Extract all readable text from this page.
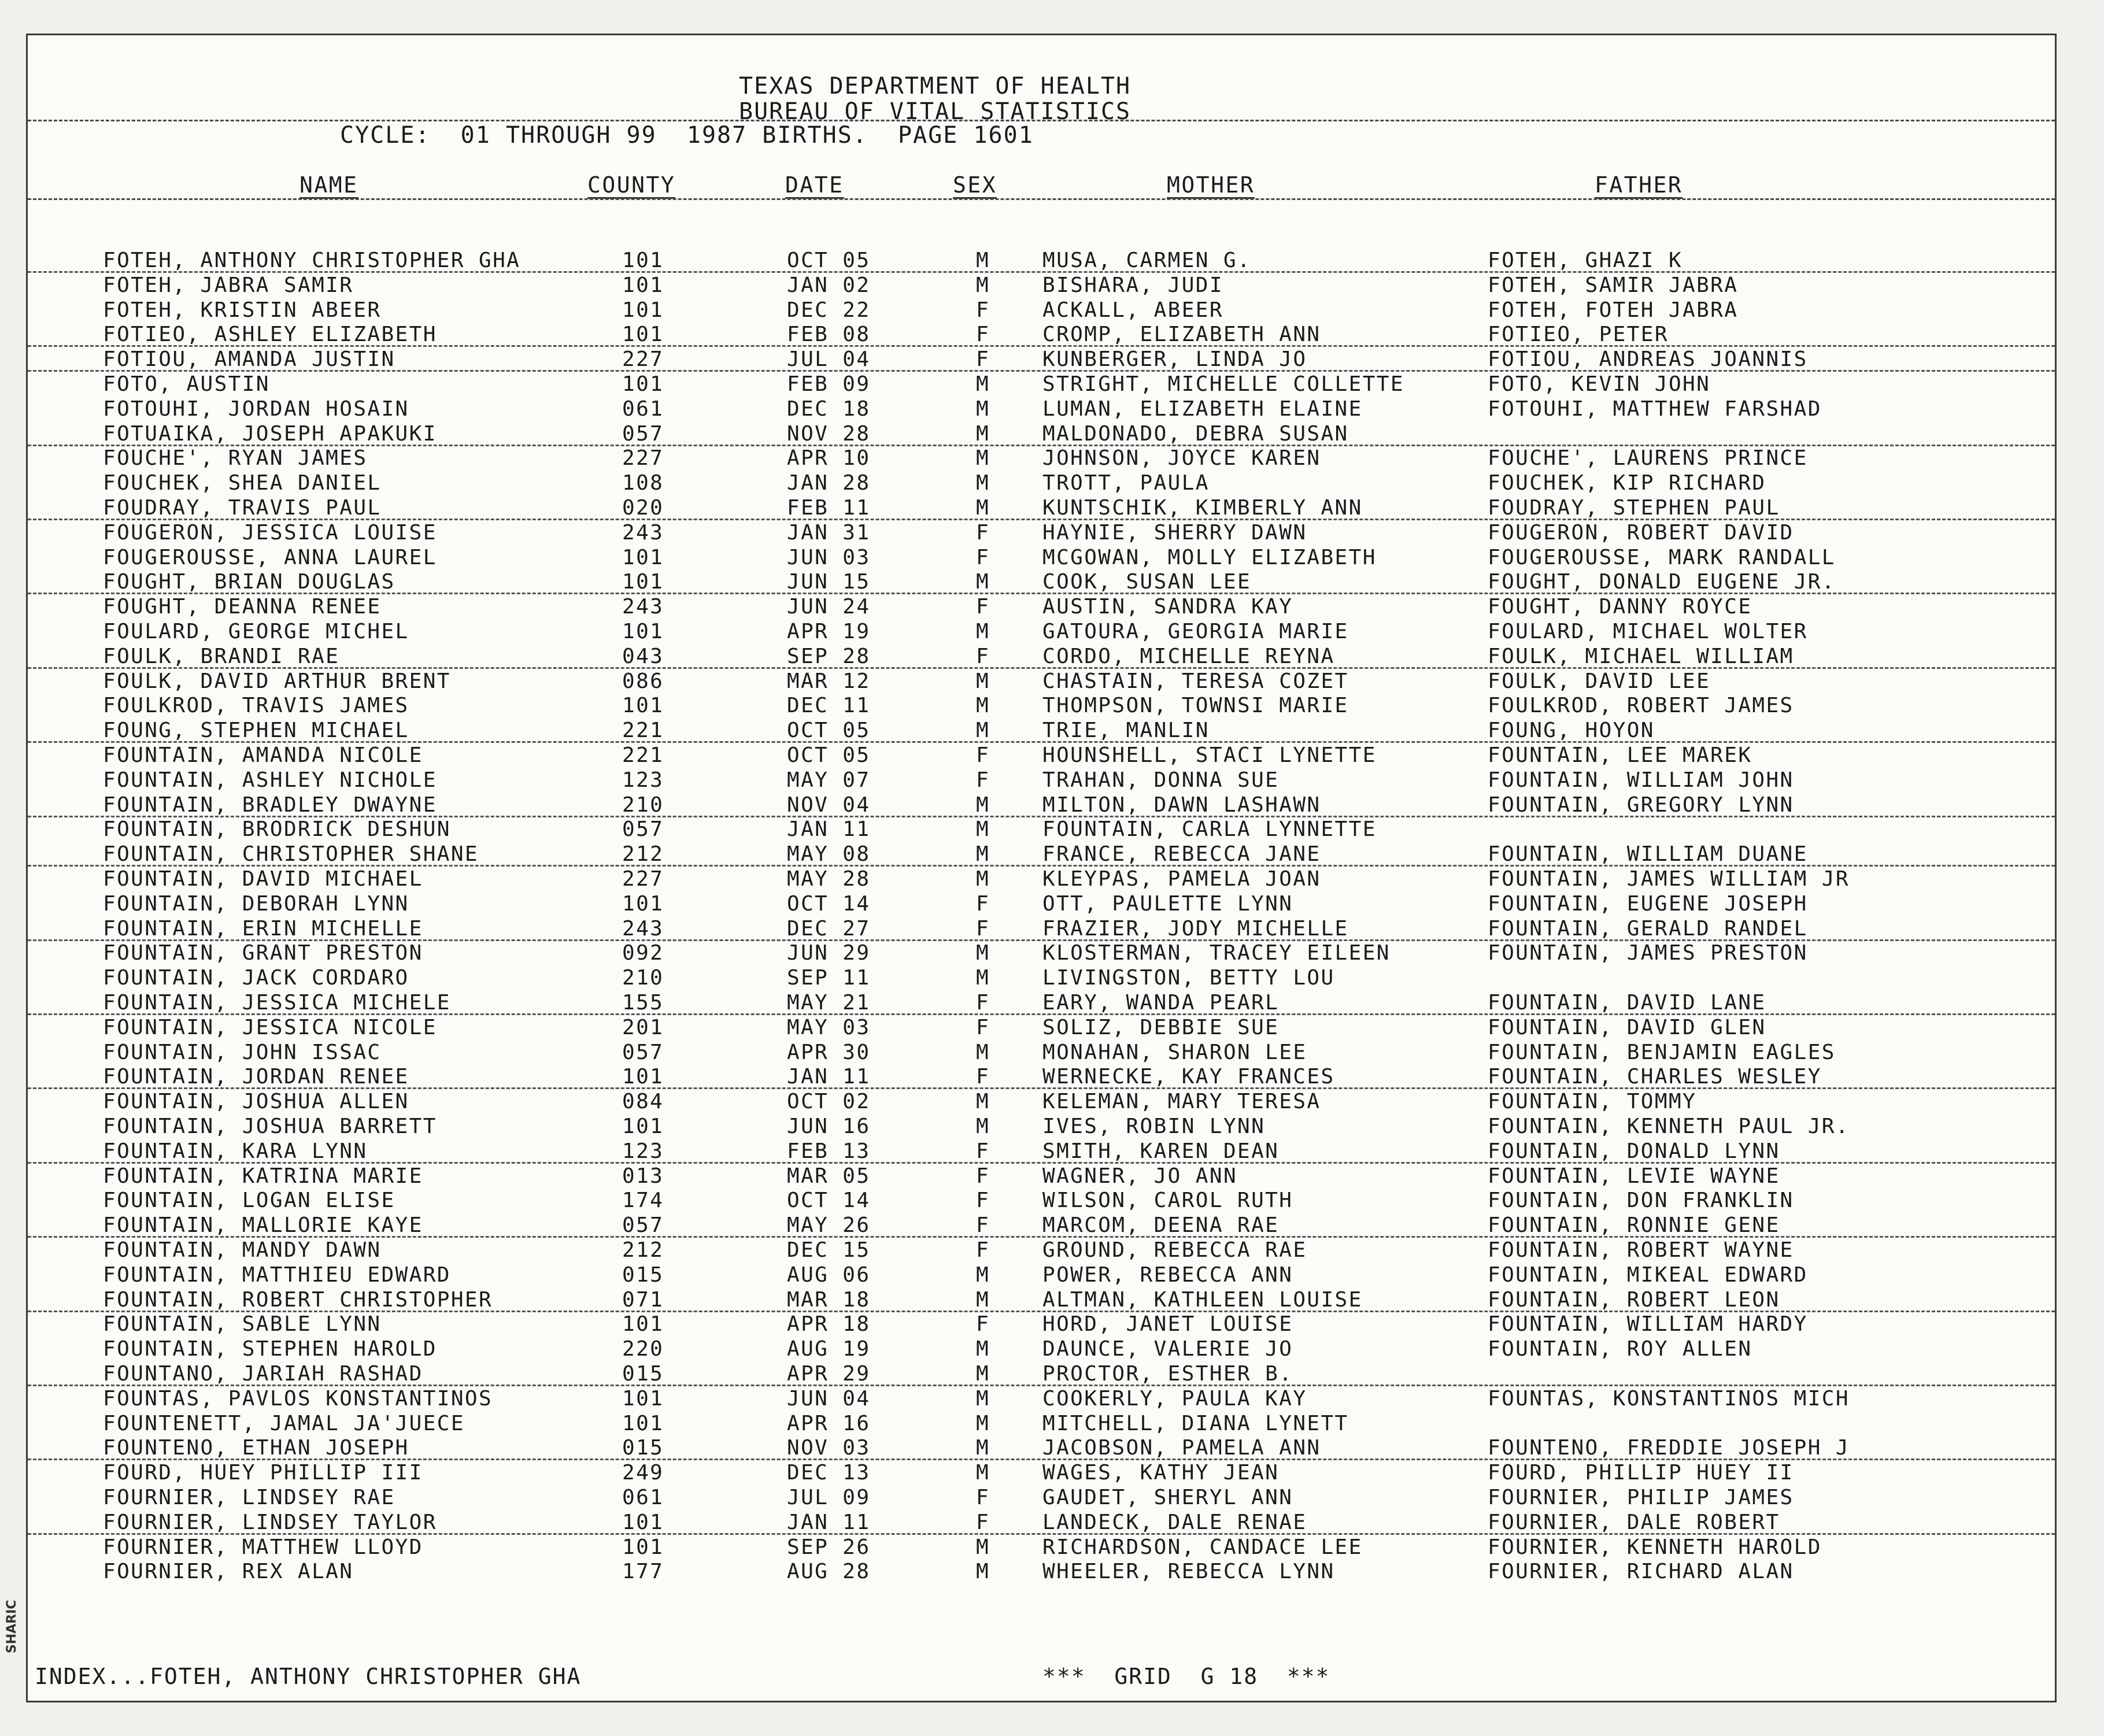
SHARIC
TEXAS DEPARTMENT OF HEALTH
BUREAU OF VITAL STATISTICS
CYCLE:  01 THROUGH 99  1987 BIRTHS.  PAGE 1601
NAME	COUNTY	DATE	SEX	MOTHER	FATHER
FOTEH, ANTHONY CHRISTOPHER GHA	101	OCT 05	M	MUSA, CARMEN G.	FOTEH, GHAZI K
FOTEH, JABRA SAMIR	101	JAN 02	M	BISHARA, JUDI	FOTEH, SAMIR JABRA
FOTEH, KRISTIN ABEER	101	DEC 22	F	ACKALL, ABEER	FOTEH, FOTEH JABRA
FOTIEO, ASHLEY ELIZABETH	101	FEB 08	F	CROMP, ELIZABETH ANN	FOTIEO, PETER
FOTIOU, AMANDA JUSTIN	227	JUL 04	F	KUNBERGER, LINDA JO	FOTIOU, ANDREAS JOANNIS
FOTO, AUSTIN	101	FEB 09	M	STRIGHT, MICHELLE COLLETTE	FOTO, KEVIN JOHN
FOTOUHI, JORDAN HOSAIN	061	DEC 18	M	LUMAN, ELIZABETH ELAINE	FOTOUHI, MATTHEW FARSHAD
FOTUAIKA, JOSEPH APAKUKI	057	NOV 28	M	MALDONADO, DEBRA SUSAN
FOUCHE', RYAN JAMES	227	APR 10	M	JOHNSON, JOYCE KAREN	FOUCHE', LAURENS PRINCE
FOUCHEK, SHEA DANIEL	108	JAN 28	M	TROTT, PAULA	FOUCHEK, KIP RICHARD
FOUDRAY, TRAVIS PAUL	020	FEB 11	M	KUNTSCHIK, KIMBERLY ANN	FOUDRAY, STEPHEN PAUL
FOUGERON, JESSICA LOUISE	243	JAN 31	F	HAYNIE, SHERRY DAWN	FOUGERON, ROBERT DAVID
FOUGEROUSSE, ANNA LAUREL	101	JUN 03	F	MCGOWAN, MOLLY ELIZABETH	FOUGEROUSSE, MARK RANDALL
FOUGHT, BRIAN DOUGLAS	101	JUN 15	M	COOK, SUSAN LEE	FOUGHT, DONALD EUGENE JR.
FOUGHT, DEANNA RENEE	243	JUN 24	F	AUSTIN, SANDRA KAY	FOUGHT, DANNY ROYCE
FOULARD, GEORGE MICHEL	101	APR 19	M	GATOURA, GEORGIA MARIE	FOULARD, MICHAEL WOLTER
FOULK, BRANDI RAE	043	SEP 28	F	CORDO, MICHELLE REYNA	FOULK, MICHAEL WILLIAM
FOULK, DAVID ARTHUR BRENT	086	MAR 12	M	CHASTAIN, TERESA COZET	FOULK, DAVID LEE
FOULKROD, TRAVIS JAMES	101	DEC 11	M	THOMPSON, TOWNSI MARIE	FOULKROD, ROBERT JAMES
FOUNG, STEPHEN MICHAEL	221	OCT 05	M	TRIE, MANLIN	FOUNG, HOYON
FOUNTAIN, AMANDA NICOLE	221	OCT 05	F	HOUNSHELL, STACI LYNETTE	FOUNTAIN, LEE MAREK
FOUNTAIN, ASHLEY NICHOLE	123	MAY 07	F	TRAHAN, DONNA SUE	FOUNTAIN, WILLIAM JOHN
FOUNTAIN, BRADLEY DWAYNE	210	NOV 04	M	MILTON, DAWN LASHAWN	FOUNTAIN, GREGORY LYNN
FOUNTAIN, BRODRICK DESHUN	057	JAN 11	M	FOUNTAIN, CARLA LYNNETTE
FOUNTAIN, CHRISTOPHER SHANE	212	MAY 08	M	FRANCE, REBECCA JANE	FOUNTAIN, WILLIAM DUANE
FOUNTAIN, DAVID MICHAEL	227	MAY 28	M	KLEYPAS, PAMELA JOAN	FOUNTAIN, JAMES WILLIAM JR
FOUNTAIN, DEBORAH LYNN	101	OCT 14	F	OTT, PAULETTE LYNN	FOUNTAIN, EUGENE JOSEPH
FOUNTAIN, ERIN MICHELLE	243	DEC 27	F	FRAZIER, JODY MICHELLE	FOUNTAIN, GERALD RANDEL
FOUNTAIN, GRANT PRESTON	092	JUN 29	M	KLOSTERMAN, TRACEY EILEEN	FOUNTAIN, JAMES PRESTON
FOUNTAIN, JACK CORDARO	210	SEP 11	M	LIVINGSTON, BETTY LOU
FOUNTAIN, JESSICA MICHELE	155	MAY 21	F	EARY, WANDA PEARL	FOUNTAIN, DAVID LANE
FOUNTAIN, JESSICA NICOLE	201	MAY 03	F	SOLIZ, DEBBIE SUE	FOUNTAIN, DAVID GLEN
FOUNTAIN, JOHN ISSAC	057	APR 30	M	MONAHAN, SHARON LEE	FOUNTAIN, BENJAMIN EAGLES
FOUNTAIN, JORDAN RENEE	101	JAN 11	F	WERNECKE, KAY FRANCES	FOUNTAIN, CHARLES WESLEY
FOUNTAIN, JOSHUA ALLEN	084	OCT 02	M	KELEMAN, MARY TERESA	FOUNTAIN, TOMMY
FOUNTAIN, JOSHUA BARRETT	101	JUN 16	M	IVES, ROBIN LYNN	FOUNTAIN, KENNETH PAUL JR.
FOUNTAIN, KARA LYNN	123	FEB 13	F	SMITH, KAREN DEAN	FOUNTAIN, DONALD LYNN
FOUNTAIN, KATRINA MARIE	013	MAR 05	F	WAGNER, JO ANN	FOUNTAIN, LEVIE WAYNE
FOUNTAIN, LOGAN ELISE	174	OCT 14	F	WILSON, CAROL RUTH	FOUNTAIN, DON FRANKLIN
FOUNTAIN, MALLORIE KAYE	057	MAY 26	F	MARCOM, DEENA RAE	FOUNTAIN, RONNIE GENE
FOUNTAIN, MANDY DAWN	212	DEC 15	F	GROUND, REBECCA RAE	FOUNTAIN, ROBERT WAYNE
FOUNTAIN, MATTHIEU EDWARD	015	AUG 06	M	POWER, REBECCA ANN	FOUNTAIN, MIKEAL EDWARD
FOUNTAIN, ROBERT CHRISTOPHER	071	MAR 18	M	ALTMAN, KATHLEEN LOUISE	FOUNTAIN, ROBERT LEON
FOUNTAIN, SABLE LYNN	101	APR 18	F	HORD, JANET LOUISE	FOUNTAIN, WILLIAM HARDY
FOUNTAIN, STEPHEN HAROLD	220	AUG 19	M	DAUNCE, VALERIE JO	FOUNTAIN, ROY ALLEN
FOUNTANO, JARIAH RASHAD	015	APR 29	M	PROCTOR, ESTHER B.
FOUNTAS, PAVLOS KONSTANTINOS	101	JUN 04	M	COOKERLY, PAULA KAY	FOUNTAS, KONSTANTINOS MICH
FOUNTENETT, JAMAL JA'JUECE	101	APR 16	M	MITCHELL, DIANA LYNETT
FOUNTENO, ETHAN JOSEPH	015	NOV 03	M	JACOBSON, PAMELA ANN	FOUNTENO, FREDDIE JOSEPH J
FOURD, HUEY PHILLIP III	249	DEC 13	M	WAGES, KATHY JEAN	FOURD, PHILLIP HUEY II
FOURNIER, LINDSEY RAE	061	JUL 09	F	GAUDET, SHERYL ANN	FOURNIER, PHILIP JAMES
FOURNIER, LINDSEY TAYLOR	101	JAN 11	F	LANDECK, DALE RENAE	FOURNIER, DALE ROBERT
FOURNIER, MATTHEW LLOYD	101	SEP 26	M	RICHARDSON, CANDACE LEE	FOURNIER, KENNETH HAROLD
FOURNIER, REX ALAN	177	AUG 28	M	WHEELER, REBECCA LYNN	FOURNIER, RICHARD ALAN
INDEX...FOTEH, ANTHONY CHRISTOPHER GHA	***  GRID  G 18  ***
